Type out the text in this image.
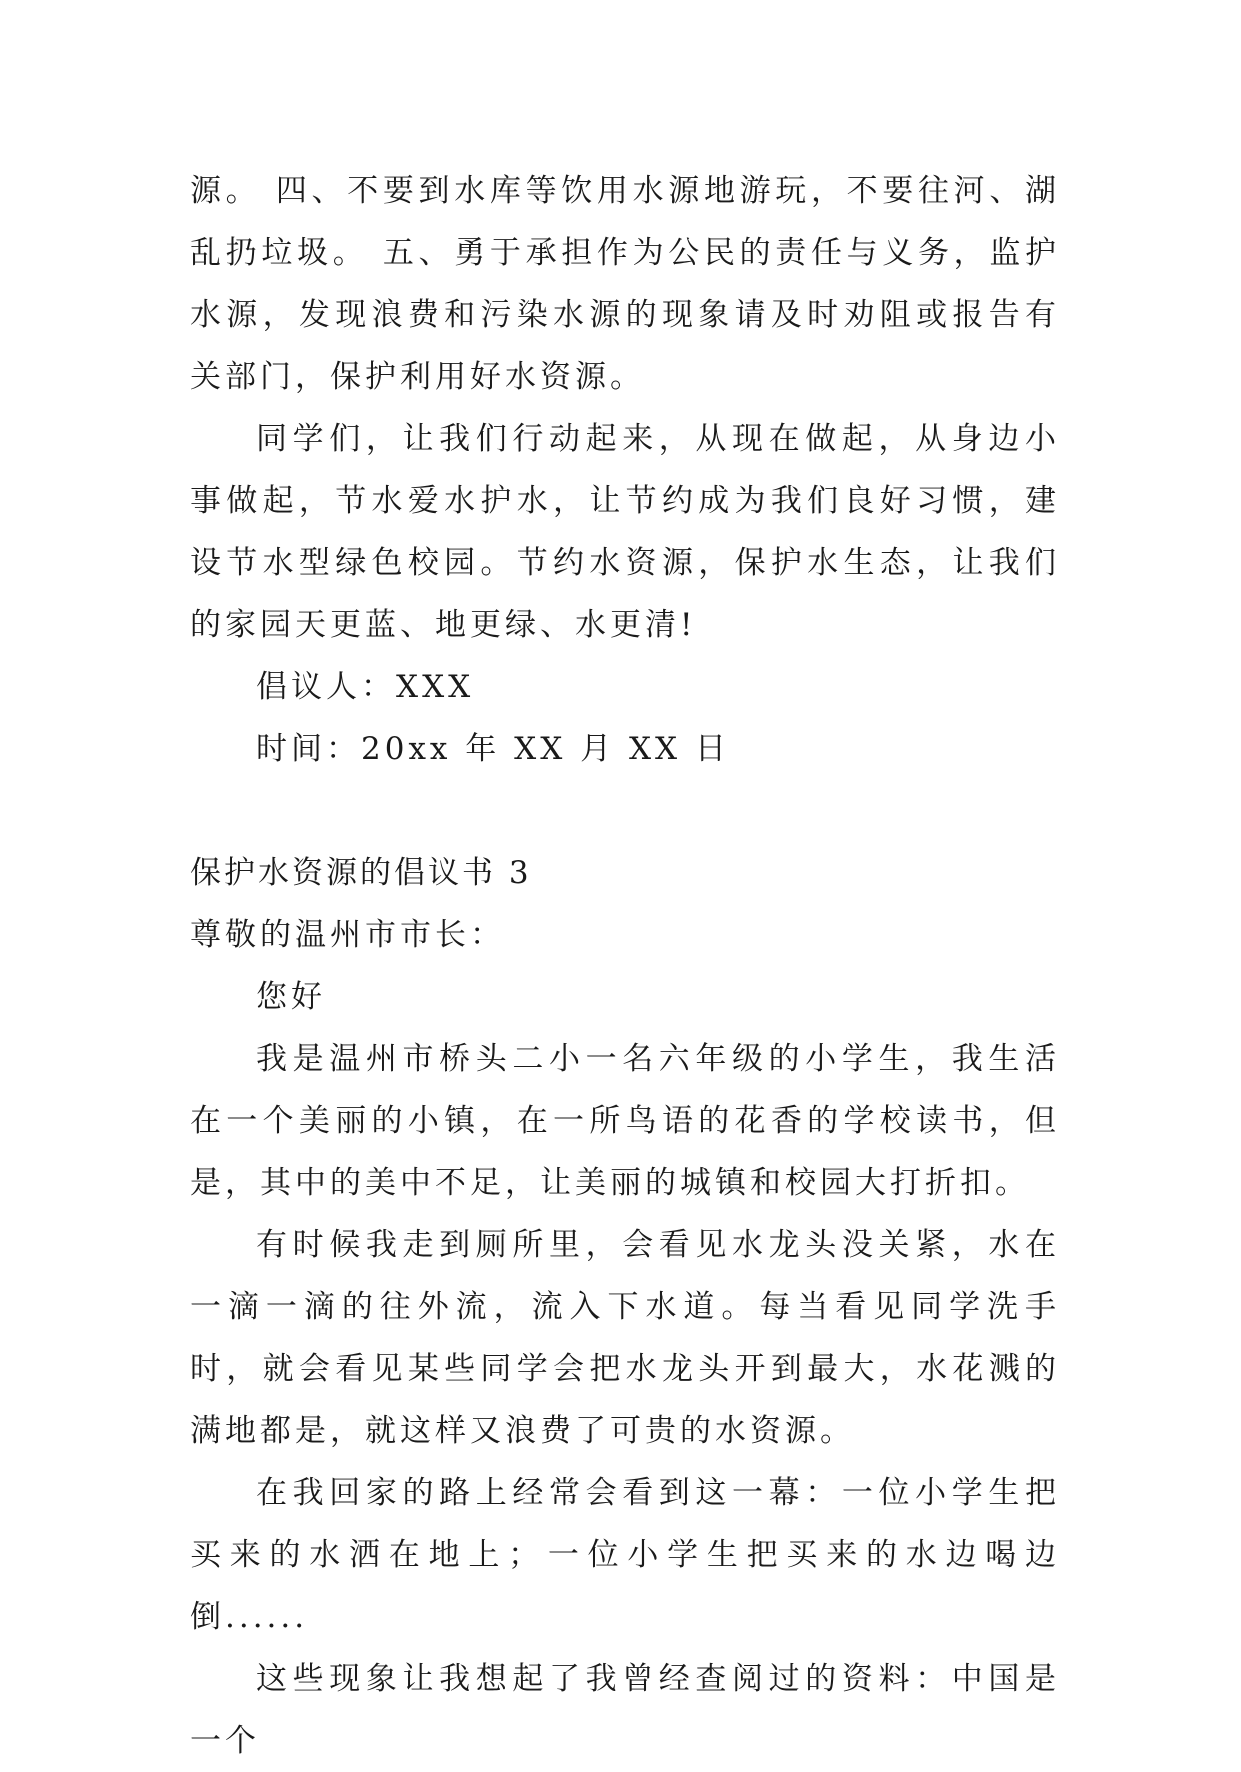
源。 四、不要到水库等饮用水源地游玩，不要往河、湖乱扔垃圾。 五、勇于承担作为公民的责任与义务，监护水源，发现浪费和污染水源的现象请及时劝阻或报告有关部门，保护利用好水资源。

同学们，让我们行动起来，从现在做起，从身边小事做起，节水爱水护水，让节约成为我们良好习惯，建设节水型绿色校园。节约水资源，保护水生态，让我们的家园天更蓝、地更绿、水更清!

倡议人：XXX

时间：20xx 年 XX 月 XX 日

保护水资源的倡议书 3

尊敬的温州市市长：

您好

我是温州市桥头二小一名六年级的小学生，我生活在一个美丽的小镇，在一所鸟语的花香的学校读书，但是，其中的美中不足，让美丽的城镇和校园大打折扣。

有时候我走到厕所里，会看见水龙头没关紧，水在一滴一滴的往外流，流入下水道。每当看见同学洗手时，就会看见某些同学会把水龙头开到最大，水花溅的满地都是，就这样又浪费了可贵的水资源。

在我回家的路上经常会看到这一幕：一位小学生把买来的水洒在地上；一位小学生把买来的水边喝边倒......

这些现象让我想起了我曾经查阅过的资料：中国是一个
